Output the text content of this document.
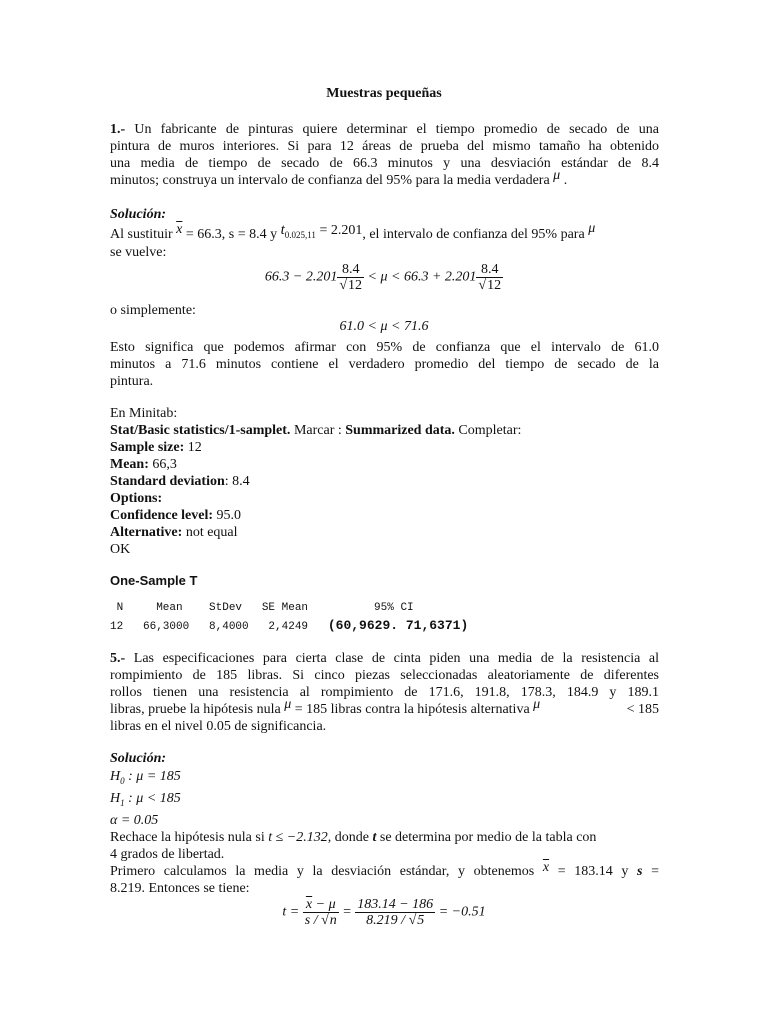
Muestras pequeñas
1.- Un fabricante de pinturas quiere determinar el tiempo promedio de secado de una
pintura de muros interiores. Si para 12 áreas de prueba del mismo tamaño ha obtenido
una media de tiempo de secado de 66.3 minutos y una desviación estándar de 8.4
minutos; construya un intervalo de confianza del 95% para la media verdadera μ .
Solución:
Al sustituir $\overline{x} = 66.3$, s = 8.4 y $t_{0.025,11} = 2.201$, el intervalo de confianza del 95% para μ
se vuelve:
$66.3 - 2.201 \frac{8.4}{√12} < \mu < 66.3 + 2.201 \frac{8.4}{√12}$
o simplemente:
61.0 < μ < 71.6
Esto significa que podemos afirmar con 95% de confianza que el intervalo de 61.0
minutos a 71.6 minutos contiene el verdadero promedio del tiempo de secado de la
pintura.
En Minitab:
Stat/Basic statistics/1-samplet. Marcar : Summarized data. Completar:
Sample size: 12
Mean: 66,3
Standard deviation: 8.4
Options:
Confidence level: 95.0
Alternative: not equal
OK
One-Sample T
N     Mean    StDev   SE Mean          95% CI
12   66,3000   8,4000   2,4249   (60,9629. 71,6371)
5.- Las especificaciones para cierta clase de cinta piden una media de la resistencia al
rompimiento de 185 libras. Si cinco piezas seleccionadas aleatoriamente de diferentes
rollos tienen una resistencia al rompimiento de 171.6, 191.8, 178.3, 184.9 y 189.1
libras, pruebe la hipótesis nula μ = 185 libras contra la hipótesis alternativa μ	< 185
libras en el nivel 0.05 de significancia.
Solución:
$H_0$ : μ = 185
$H_1$ : μ < 185
α = 0.05
Rechace la hipótesis nula si t ≤ −2.132, donde t se determina por medio de la tabla con
4 grados de libertad.
Primero calculamos la media y la desviación estándar, y obtenemos $\overline{x} = 183.14$ y s =
8.219. Entonces se tiene:
$t = \frac{\overline{x} - \mu}{s / √n} = \frac{183.14 - 186}{8.219 / √5} = -0.51$
